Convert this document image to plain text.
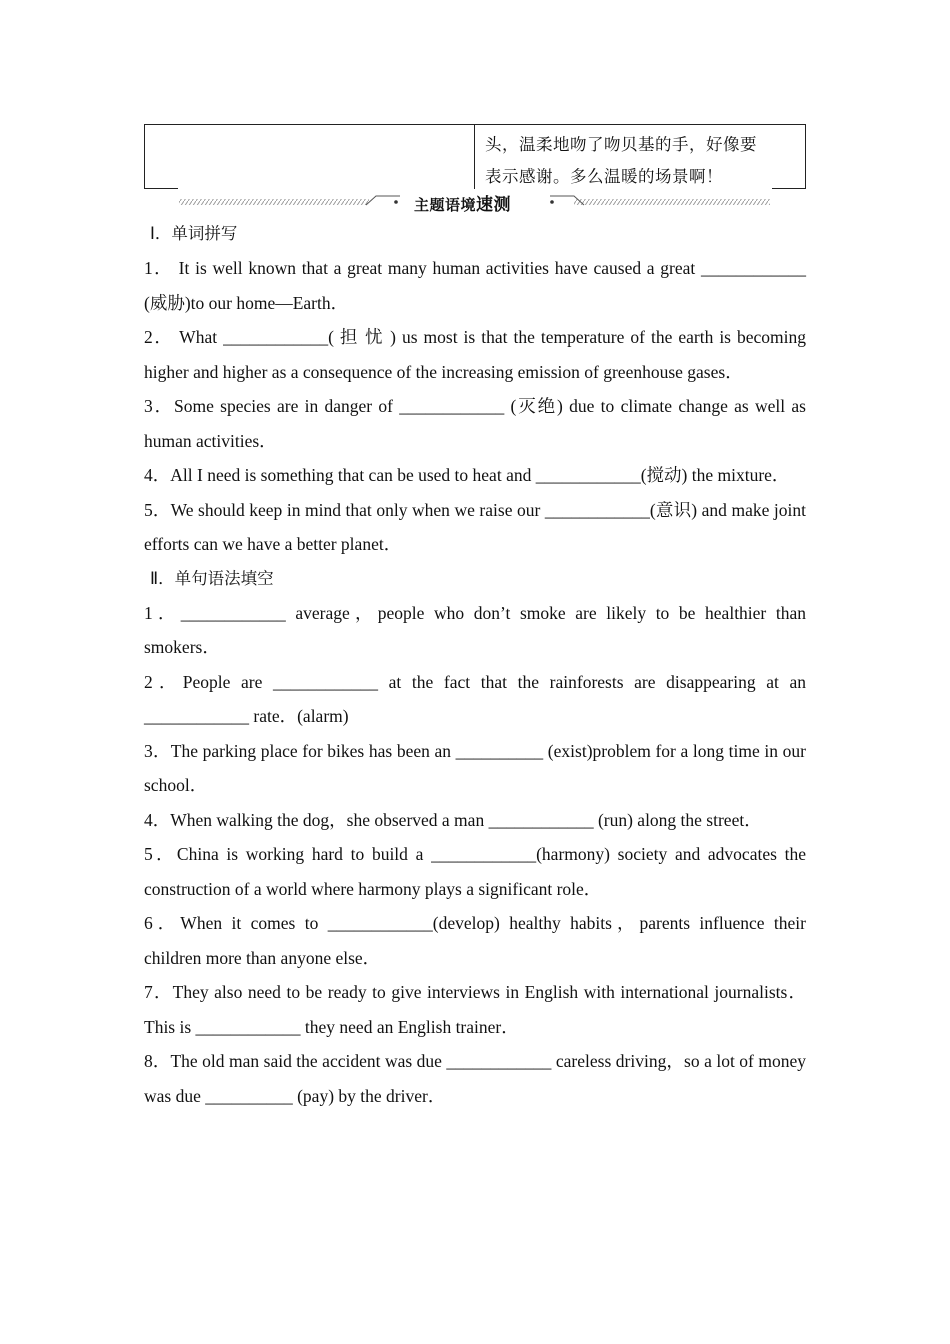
头，温柔地吻了吻贝基的手，好像要
表示感谢。多么温暖的场景啊！
主题语境速测
Ⅰ．单词拼写

1． It is well known that a great many human activities have caused a great ____________ (威胁)to our home—Earth．

2． What ____________( 担 忧 ) us most is that the temperature of the earth is becoming higher and higher as a consequence of the increasing emission of greenhouse gases．

3．Some species are in danger of ____________ (灭绝) due to climate change as well as human activities．

4．All I need is something that can be used to heat and ____________(搅动) the mixture．

5．We should keep in mind that only when we raise our ____________(意识) and make joint efforts can we have a better planet．

Ⅱ．单句语法填空

1．____________ average，people who don’t smoke are likely to be healthier than smokers．

2．People are ____________ at the fact that the rainforests are disappearing at an ____________ rate．(alarm)

3．The parking place for bikes has been an __________ (exist)problem for a long time in our school．

4．When walking the dog，she observed a man ____________ (run) along the street．

5．China is working hard to build a ____________(harmony) society and advocates the construction of a world where harmony plays a significant role．

6．When it comes to ____________(develop) healthy habits，parents influence their children more than anyone else．

7．They also need to be ready to give interviews in English with international journalists．This is ____________ they need an English trainer．

8．The old man said the accident was due ____________ careless driving，so a lot of money was due __________ (pay) by the driver．
